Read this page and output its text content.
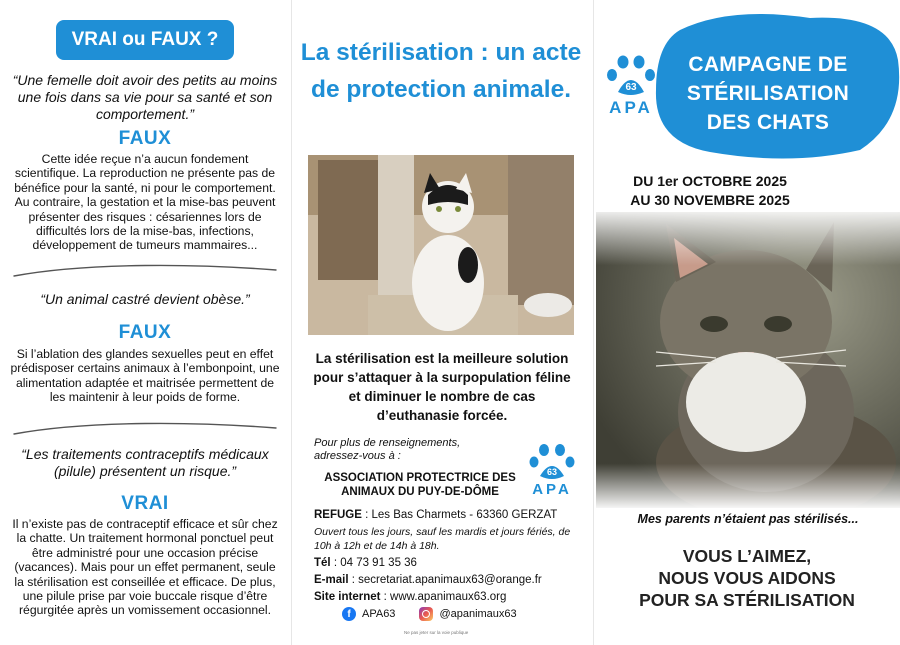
VRAI ou FAUX ?
“Une femelle doit avoir des petits au moins une fois dans sa vie pour sa santé et son comportement.”
FAUX
Cette idée reçue n’a aucun fondement scientifique. La reproduction ne présente pas de bénéfice pour la santé, ni pour le comportement. Au contraire, la gestation et la mise-bas peuvent présenter des risques : césariennes lors de difficultés lors de la mise-bas, infections, développement de tumeurs mammaires...
“Un animal castré devient obèse.”
FAUX
Si l’ablation des glandes sexuelles peut en effet prédisposer certains animaux à l’embonpoint, une alimentation adaptée et maitrisée permettent de les maintenir à leur poids de forme.
“Les traitements contraceptifs médicaux (pilule) présentent un risque.”
VRAI
Il n’existe pas de contraceptif efficace et sûr chez la chatte. Un traitement hormonal ponctuel peut être administré pour une occasion précise (vacances). Mais pour un effet permanent, seule la stérilisation est conseillée et efficace. De plus, une pilule prise par voie buccale risque d’être régurgitée après un vomissement occasionnel.
La stérilisation : un acte de protection animale.
La stérilisation est la meilleure solution pour s’attaquer à la surpopulation féline et diminuer le nombre de cas d’euthanasie forcée.
Pour plus de renseignements, adressez-vous à :
ASSOCIATION PROTECTRICE DES ANIMAUX DU PUY-DE-DÔME
63
APA
REFUGE : Les Bas Charmets - 63360 GERZAT
Ouvert tous les jours, sauf les mardis et jours fériés, de 10h à 12h et de 14h à 18h.
Tél : 04 73 91 35 36
E-mail : secretariat.apanimaux63@orange.fr
Site internet : www.apanimaux63.org
f	APA63	@apanimaux63
Ne pas jeter sur la voie publique
CAMPAGNE DE
STÉRILISATION
DES CHATS
63
APA
DU 1er OCTOBRE 2025
AU 30 NOVEMBRE 2025
Mes parents n’étaient pas stérilisés...
VOUS L’AIMEZ,
NOUS VOUS AIDONS
POUR SA STÉRILISATION
